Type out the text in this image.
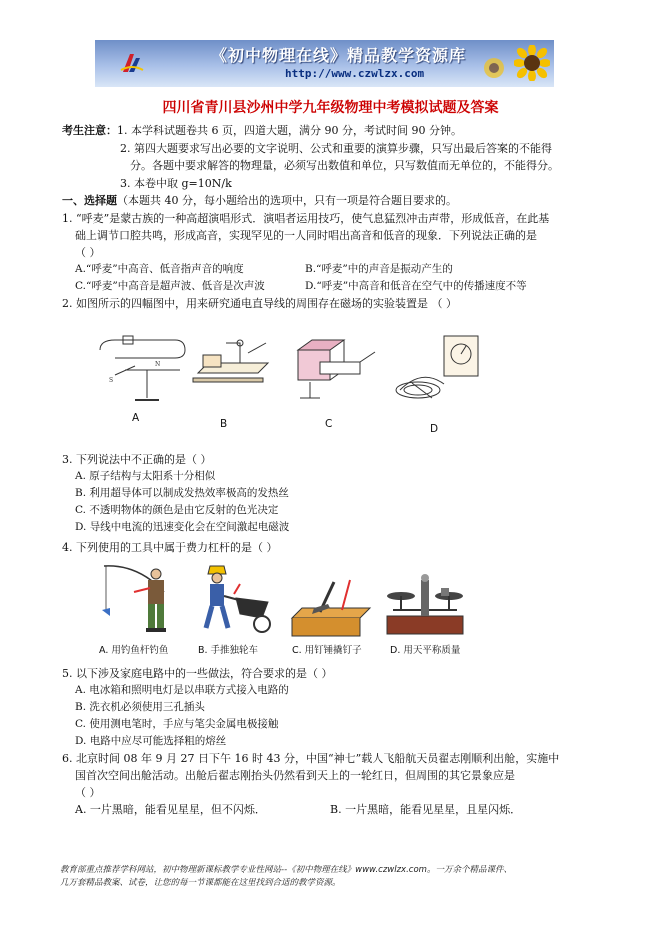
《初中物理在线》精品教学资源库
http://www.czwlzx.com
四川省青川县沙州中学九年级物理中考模拟试题及答案
考生注意：1. 本学科试题卷共 6 页，四道大题，满分 90 分，考试时间 90 分钟。
2. 第四大题要求写出必要的文字说明、公式和重要的演算步骤，只写出最后答案的不能得
分。各题中要求解答的物理量，必须写出数值和单位，只写数值而无单位的，不能得分。
3. 本卷中取 g=10N/k
一、选择题（本题共 40 分，每小题给出的选项中，只有一项是符合题目要求的。
1. “呼麦”是蒙古族的一种高超演唱形式．演唱者运用技巧，使气息猛烈冲击声带，形成低音，在此基
础上调节口腔共鸣，形成高音，实现罕见的一人同时唱出高音和低音的现象．下列说法正确的是
（ ）
A.“呼麦”中高音、低音指声音的响度	B.“呼麦”中的声音是振动产生的
C.“呼麦”中高音是超声波、低音是次声波	D.“呼麦”中高音和低音在空气中的传播速度不等
2. 如图所示的四幅图中，用来研究通电直导线的周围存在磁场的实验装置是 （ ）
S
N
A	B	C	D
3. 下列说法中不正确的是（ ）
A. 原子结构与太阳系十分相似
B. 利用超导体可以制成发热效率极高的发热丝
C. 不透明物体的颜色是由它反射的色光决定
D. 导线中电流的迅速变化会在空间激起电磁波
4. 下列使用的工具中属于费力杠杆的是（ ）
A. 用钓鱼杆钓鱼	B. 手推独轮车	C. 用钉锤撬钉子	D. 用天平称质量
5. 以下涉及家庭电路中的一些做法，符合要求的是（ ）
A. 电冰箱和照明电灯是以串联方式接入电路的
B. 洗衣机必须使用三孔插头
C. 使用测电笔时，手应与笔尖金属电极接触
D. 电路中应尽可能选择粗的熔丝
6. 北京时间 08 年 9 月 27 日下午 16 时 43 分，中国“神七”载人飞船航天员翟志刚顺利出舱，实施中
国首次空间出舱活动。出舱后翟志刚抬头仍然看到天上的一轮红日，但周围的其它景象应是
（ ）
A. 一片黑暗，能看见星星，但不闪烁．	B. 一片黑暗，能看见星星，且星闪烁．
教育部重点推荐学科网站，初中物理新课标教学专业性网站--《初中物理在线》www.czwlzx.com。一万余个精品课件、
几万套精品教案、试卷，让您的每一节课都能在这里找到合适的教学资源。
